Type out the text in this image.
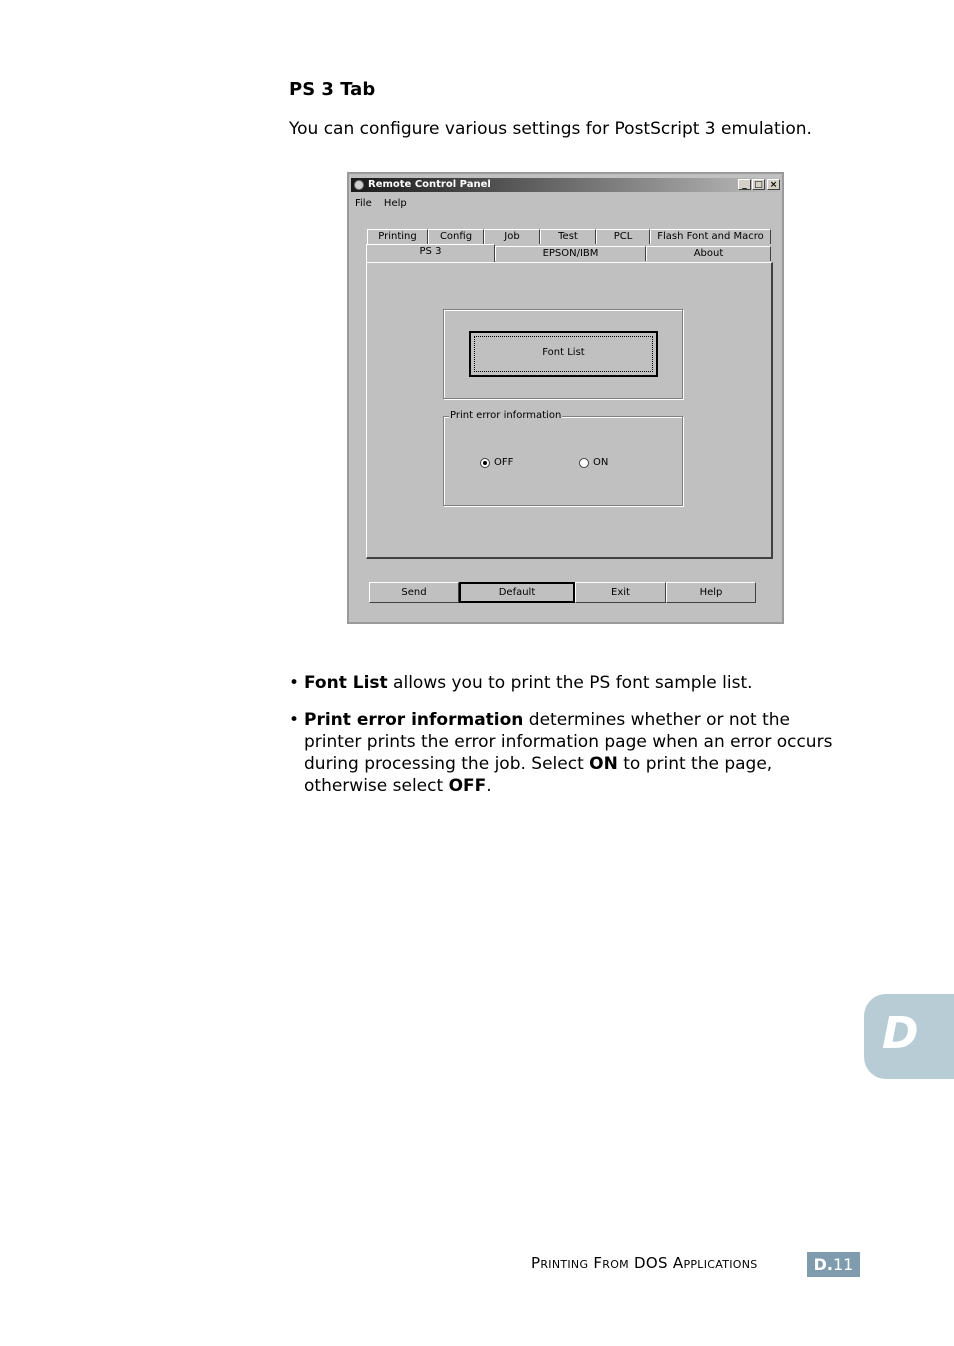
PS 3 Tab
You can configure various settings for PostScript 3 emulation.
Remote Control Panel	_ □ ×
File Help
Printing	Config	Job	Test	PCL	Flash Font and Macro
PS 3	EPSON/IBM	About
Font List
Print error information
OFF	ON
Send	Default	Exit	Help
• Font List allows you to print the PS font sample list.
• Print error information determines whether or not the printer prints the error information page when an error occurs during processing the job. Select ON to print the page, otherwise select OFF.
D
Printing From DOS Applications	D.11
